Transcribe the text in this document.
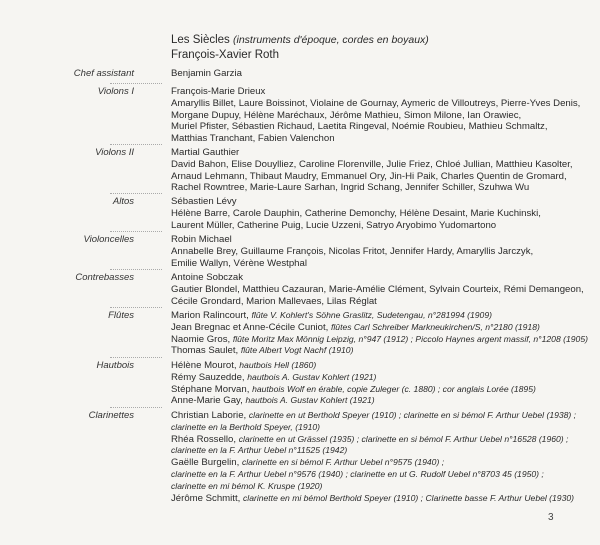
Les Siècles (instruments d'époque, cordes en boyaux)
François-Xavier Roth
Chef assistant	Benjamin Garzia
Violons I	François-Marie Drieux
Amaryllis Billet, Laure Boissinot, Violaine de Gournay, Aymeric de Villoutreys, Pierre-Yves Denis,
Morgane Dupuy, Hélène Maréchaux, Jérôme Mathieu, Simon Milone, Ian Orawiec,
Muriel Pfister, Sébastien Richaud, Laetita Ringeval, Noémie Roubieu, Mathieu Schmaltz,
Matthias Tranchant, Fabien Valenchon
Violons II	Martial Gauthier
David Bahon, Elise Douylliez, Caroline Florenville, Julie Friez, Chloé Jullian, Matthieu Kasolter,
Arnaud Lehmann, Thibaut Maudry, Emmanuel Ory, Jin-Hi Paik, Charles Quentin de Gromard,
Rachel Rowntree, Marie-Laure Sarhan, Ingrid Schang, Jennifer Schiller, Szuhwa Wu
Altos	Sébastien Lévy
Hélène Barre, Carole Dauphin, Catherine Demonchy, Hélène Desaint, Marie Kuchinski,
Laurent Müller, Catherine Puig, Lucie Uzzeni, Satryo Aryobimo Yudomartono
Violoncelles	Robin Michael
Annabelle Brey, Guillaume François, Nicolas Fritot, Jennifer Hardy, Amaryllis Jarczyk,
Emilie Wallyn, Vérène Westphal
Contrebasses	Antoine Sobczak
Gautier Blondel, Matthieu Cazauran, Marie-Amélie Clément, Sylvain Courteix, Rémi Demangeon,
Cécile Grondard, Marion Mallevaes, Lilas Réglat
Flûtes	Marion Ralincourt, flûte V. Kohlert's Söhne Graslitz, Sudetengau, n°281994 (1909)
Jean Bregnac et Anne-Cécile Cuniot, flûtes Carl Schreiber Markneukirchen/S, n°2180 (1918)
Naomie Gros, flûte Moritz Max Mönnig Leipzig, n°947 (1912) ; Piccolo Haynes argent massif, n°1208 (1905)
Thomas Saulet, flûte Albert Vogt Nachf (1910)
Hautbois	Hélène Mourot, hautbois Hell (1860)
Rémy Sauzedde, hautbois A. Gustav Kohlert (1921)
Stéphane Morvan, hautbois Wolf en érable, copie Zuleger (c. 1880) ; cor anglais Lorée (1895)
Anne-Marie Gay, hautbois A. Gustav Kohlert (1921)
Clarinettes	Christian Laborie, clarinette en ut Berthold Speyer (1910) ; clarinette en si bémol F. Arthur Uebel (1938) ;
clarinette en la Berthold Speyer, (1910)
Rhéa Rossello, clarinette en ut Grässel (1935) ; clarinette en si bémol F. Arthur Uebel n°16528 (1960) ;
clarinette en la F. Arthur Uebel n°11525 (1942)
Gaëlle Burgelin, clarinette en si bémol F. Arthur Uebel n°9575 (1940) ;
clarinette en la F. Arthur Uebel n°9576 (1940) ; clarinette en ut G. Rudolf Uebel n°8703 45 (1950) ;
clarinette en mi bémol K. Kruspe (1920)
Jérôme Schmitt, clarinette en mi bémol Berthold Speyer (1910) ; Clarinette basse F. Arthur Uebel (1930)
3
